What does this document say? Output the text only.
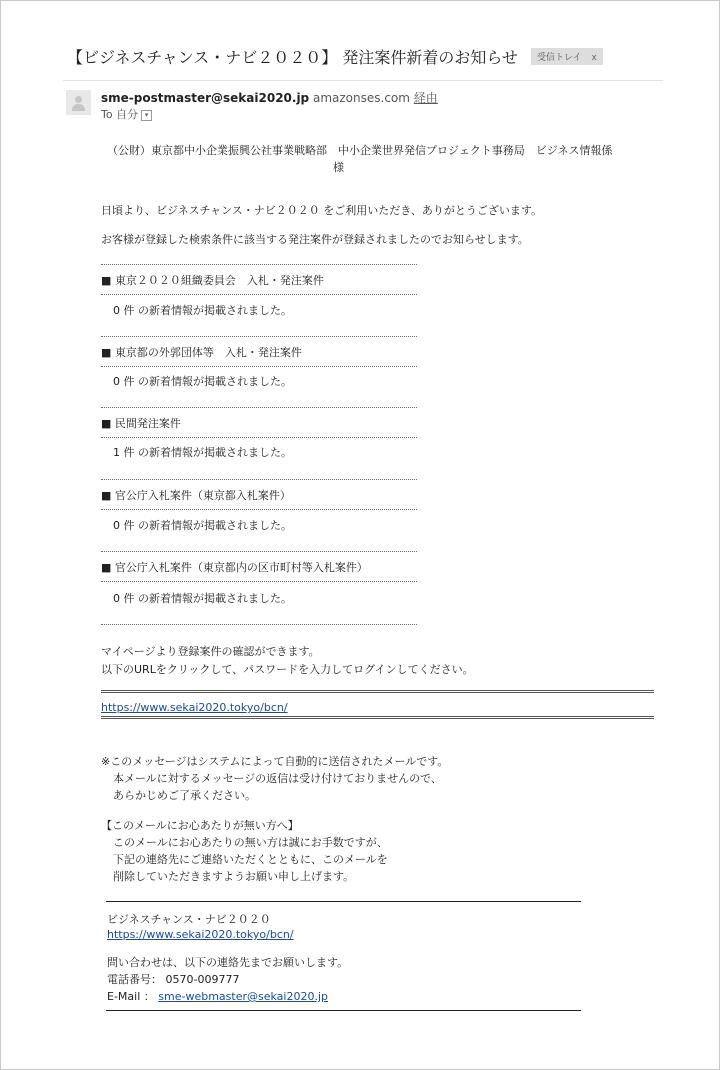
【ビジネスチャンス・ナビ２０２０】 発注案件新着のお知らせ 受信トレイ x
sme-postmaster@sekai2020.jp amazonses.com 経由
To 自分 ▾
（公財）東京都中小企業振興公社事業戦略部　中小企業世界発信プロジェクト事務局　ビジネス情報係
様
日頃より、ビジネスチャンス・ナビ２０２０ をご利用いただき、ありがとうございます。
お客様が登録した検索条件に該当する発注案件が登録されましたのでお知らせします。
■ 東京２０２０組織委員会　入札・発注案件
0 件 の新着情報が掲載されました。
■ 東京都の外郭団体等　入札・発注案件
0 件 の新着情報が掲載されました。
■ 民間発注案件
1 件 の新着情報が掲載されました。
■ 官公庁入札案件（東京都入札案件）
0 件 の新着情報が掲載されました。
■ 官公庁入札案件（東京都内の区市町村等入札案件）
0 件 の新着情報が掲載されました。
マイページより登録案件の確認ができます。
以下のURLをクリックして、パスワードを入力してログインしてください。
https://www.sekai2020.tokyo/bcn/
※このメッセージはシステムによって自動的に送信されたメールです。
本メールに対するメッセージの返信は受け付けておりませんので、
あらかじめご了承ください。
【このメールにお心あたりが無い方へ】
このメールにお心あたりの無い方は誠にお手数ですが、
下記の連絡先にご連絡いただくとともに、このメールを
削除していただきますようお願い申し上げます。
ビジネスチャンス・ナビ２０２０
https://www.sekai2020.tokyo/bcn/
問い合わせは、以下の連絡先までお願いします。
電話番号： 0570-009777
E-Mail ： sme-webmaster@sekai2020.jp
